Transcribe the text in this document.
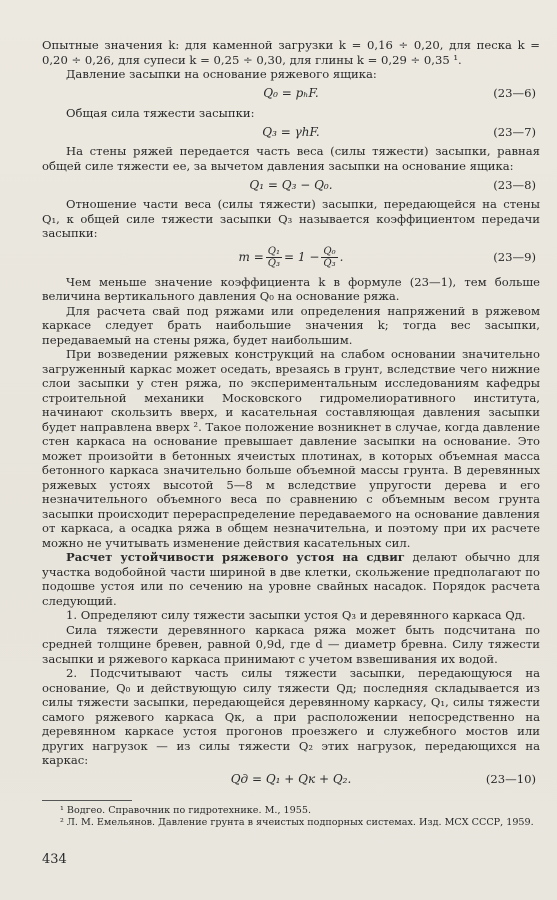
Опытные значения k: для каменной загрузки k = 0,16 ÷ 0,20, для песка k = 0,20 ÷ 0,26, для супеси k = 0,25 ÷ 0,30, для глины k = 0,29 ÷ 0,35 ¹.

Давление засыпки на основание ряжевого ящика:

Q₀ = pₕF.	(23—6)

Общая сила тяжести засыпки:

Q₃ = γhF.	(23—7)

На стены ряжей передается часть веса (силы тяжести) засыпки, равная общей силе тяжести ее, за вычетом давления засыпки на основание ящика:

Q₁ = Q₃ − Q₀.	(23—8)

Отношение части веса (силы тяжести) засыпки, передающейся на стены Q₁, к общей силе тяжести засыпки Q₃ называется коэффициентом передачи засыпки:

$m = \frac{\text{Q₁}}{\text{Q₃}} = 1 - \frac{\text{Q₀}}{\text{Q₃}}$ .	(23—9)

Чем меньше значение коэффициента k в формуле (23—1), тем больше величина вертикального давления Q₀ на основание ряжа.

Для расчета свай под ряжами или определения напряжений в ряжевом каркасе следует брать наибольшие значения k; тогда вес засыпки, передаваемый на стены ряжа, будет наибольшим.

При возведении ряжевых конструкций на слабом основании значительно загруженный каркас может оседать, врезаясь в грунт, вследствие чего нижние слои засыпки у стен ряжа, по экспериментальным исследованиям кафедры строительной механики Московского гидромелиоративного института, начинают скользить вверх, и касательная составляющая давления засыпки будет направлена вверх ². Такое положение возникнет в случае, когда давление стен каркаса на основание превышает давление засыпки на основание. Это может произойти в бетонных ячеистых плотинах, в которых объемная масса бетонного каркаса значительно больше объемной массы грунта. В деревянных ряжевых устоях высотой 5—8 м вследствие упругости дерева и его незначительного объемного веса по сравнению с объемным весом грунта засыпки происходит перераспределение передаваемого на основание давления от каркаса, а осадка ряжа в общем незначительна, и поэтому при их расчете можно не учитывать изменение действия касательных сил.

Расчет устойчивости ряжевого устоя на сдвиг делают обычно для участка водобойной части шириной в две клетки, скольжение предполагают по подошве устоя или по сечению на уровне свайных насадок. Порядок расчета следующий.

1. Определяют силу тяжести засыпки устоя Q₃ и деревянного каркаса Qд.

Сила тяжести деревянного каркаса ряжа может быть подсчитана по средней толщине бревен, равной 0,9d, где d — диаметр бревна. Силу тяжести засыпки и ряжевого каркаса принимают с учетом взвешивания их водой.

2. Подсчитывают часть силы тяжести засыпки, передающуюся на основание, Q₀ и действующую силу тяжести Qд; последняя складывается из силы тяжести засыпки, передающейся деревянному каркасу, Q₁, силы тяжести самого ряжевого каркаса Qк, а при расположении непосредственно на деревянном каркасе устоя прогонов проезжего и служебного мостов или других нагрузок — из силы тяжести Q₂ этих нагрузок, передающихся на каркас:

Qд = Q₁ + Qк + Q₂.	(23—10)

¹ Водгео. Справочник по гидротехнике. М., 1955.

² Л. М. Емельянов. Давление грунта в ячеистых подпорных системах. Изд. МСХ СССР, 1959.

434
